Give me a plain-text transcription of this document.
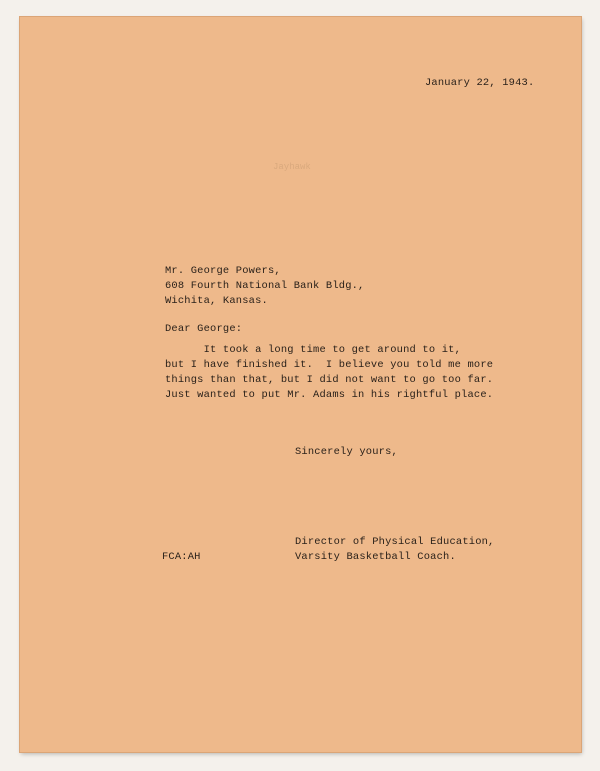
Jayhawk
January 22, 1943.
Mr. George Powers,
608 Fourth National Bank Bldg.,
Wichita, Kansas.
Dear George:
It took a long time to get around to it,
but I have finished it.  I believe you told me more
things than that, but I did not want to go too far.
Just wanted to put Mr. Adams in his rightful place.
Sincerely yours,
Director of Physical Education,
Varsity Basketball Coach.
FCA:AH
